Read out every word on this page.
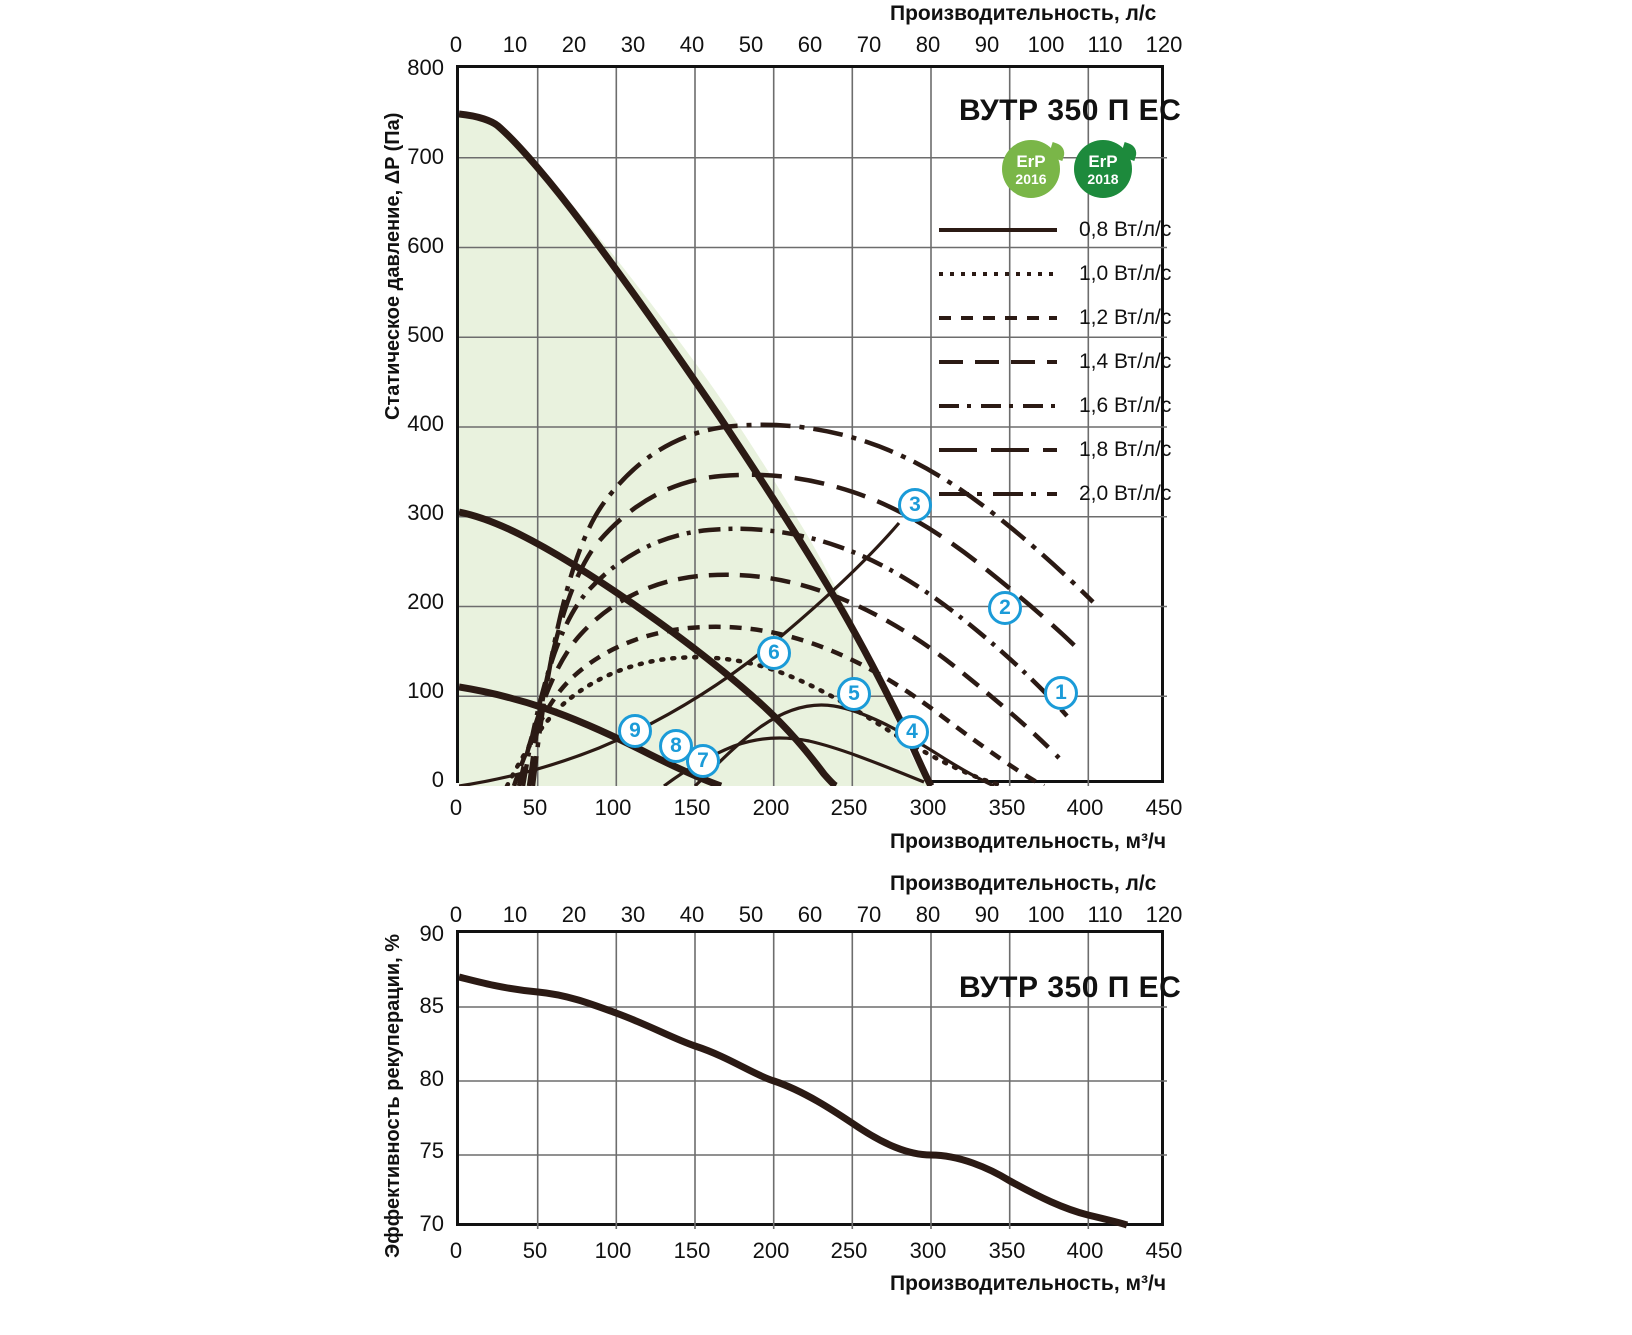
Производительность, л/с
0 10 20 30 40 50 60 70 80 90 100 110 120
Статическое давление, ΔP (Па)
800
700
600
500
400
300
200
100
0
ВУТР 350 П ЕС
ErP
2016
ErP
2018
0,8 Вт/л/с
1,0 Вт/л/с
1,2 Вт/л/с
1,4 Вт/л/с
1,6 Вт/л/с
1,8 Вт/л/с
2,0 Вт/л/с
1
2
3
4
5
6
7
8
9
0	50 100 150 200 250 300 350 400 450
Производительность, м³/ч
Производительность, л/с
0 10 20 30 40 50 60 70 80 90 100 110 120
Эффективность рекуперации, %
90
85
80
75
70
ВУТР 350 П ЕС
0	50 100 150 200 250 300 350 400 450
Производительность, м³/ч
